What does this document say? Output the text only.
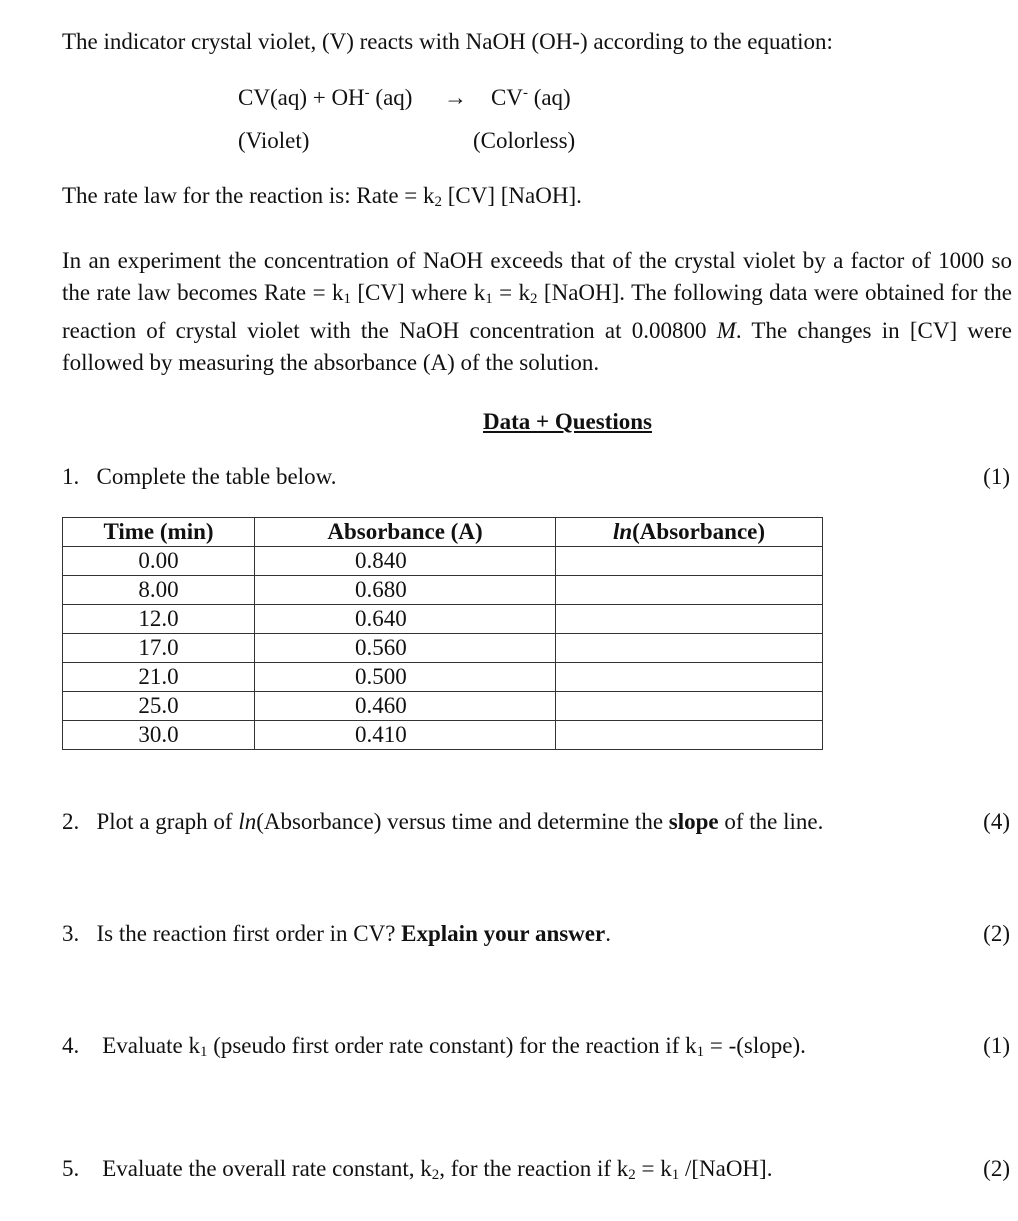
The indicator crystal violet, (V) reacts with NaOH (OH-) according to the equation:
CV(aq) + OH- (aq) → CV- (aq)
(Violet)	(Colorless)
The rate law for the reaction is: Rate = $k_2$ [CV] [NaOH].
In an experiment the concentration of NaOH exceeds that of the crystal violet by a factor of 1000 so the rate law becomes Rate = $k_1$ [CV] where $k_1 = k_2$ [NaOH]. The following data were obtained for the reaction of crystal violet with the NaOH concentration at 0.00800 M. The changes in [CV] were followed by measuring the absorbance (A) of the solution.
Data + Questions
1. Complete the table below.	(1)
Time (min)	Absorbance (A)	ln(Absorbance)
0.00	0.840	
8.00	0.680	
12.0	0.640	
17.0	0.560	
21.0	0.500	
25.0	0.460	
30.0	0.410	
2. Plot a graph of ln(Absorbance) versus time and determine the slope of the line.	(4)
3. Is the reaction first order in CV? Explain your answer.	(2)
4. Evaluate $k_1$ (pseudo first order rate constant) for the reaction if $k_1$ = -(slope).	(1)
5. Evaluate the overall rate constant, $k_2$, for the reaction if $k_2 = k_1$ /[NaOH].	(2)
